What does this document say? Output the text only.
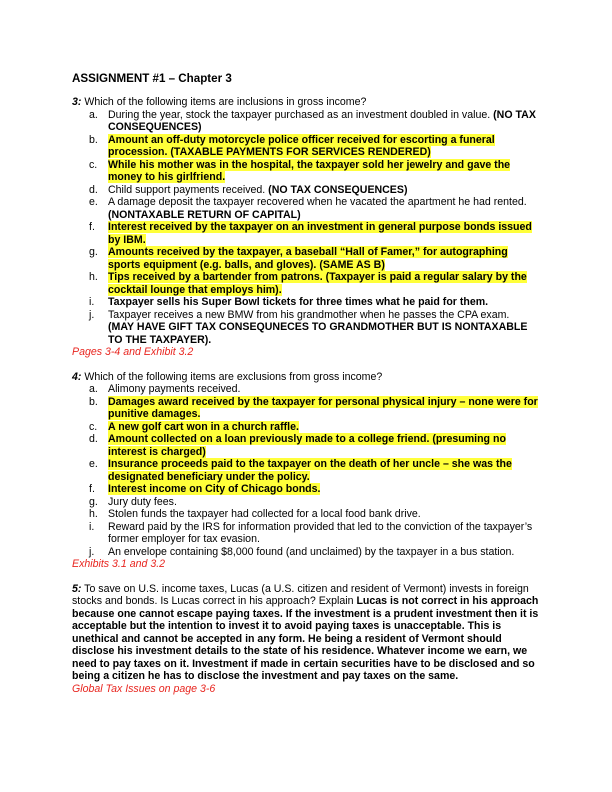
ASSIGNMENT #1 – Chapter 3
3: Which of the following items are inclusions in gross income?
a. During the year, stock the taxpayer purchased as an investment doubled in value. (NO TAX CONSEQUENCES)
b. Amount an off-duty motorcycle police officer received for escorting a funeral procession. (TAXABLE PAYMENTS FOR SERVICES RENDERED)
c. While his mother was in the hospital, the taxpayer sold her jewelry and gave the money to his girlfriend.
d. Child support payments received. (NO TAX CONSEQUENCES)
e. A damage deposit the taxpayer recovered when he vacated the apartment he had rented. (NONTAXABLE RETURN OF CAPITAL)
f. Interest received by the taxpayer on an investment in general purpose bonds issued by IBM.
g. Amounts received by the taxpayer, a baseball “Hall of Famer,” for autographing sports equipment (e.g. balls, and gloves). (SAME AS B)
h. Tips received by a bartender from patrons. (Taxpayer is paid a regular salary by the cocktail lounge that employs him).
i. Taxpayer sells his Super Bowl tickets for three times what he paid for them.
j. Taxpayer receives a new BMW from his grandmother when he passes the CPA exam.
(MAY HAVE GIFT TAX CONSEQUNECES TO GRANDMOTHER BUT IS NONTAXABLE TO THE TAXPAYER).
Pages 3-4 and Exhibit 3.2
4: Which of the following items are exclusions from gross income?
a. Alimony payments received.
b. Damages award received by the taxpayer for personal physical injury – none were for punitive damages.
c. A new golf cart won in a church raffle.
d. Amount collected on a loan previously made to a college friend. (presuming no interest is charged)
e. Insurance proceeds paid to the taxpayer on the death of her uncle – she was the designated beneficiary under the policy.
f. Interest income on City of Chicago bonds.
g. Jury duty fees.
h. Stolen funds the taxpayer had collected for a local food bank drive.
i. Reward paid by the IRS for information provided that led to the conviction of the taxpayer’s former employer for tax evasion.
j. An envelope containing $8,000 found (and unclaimed) by the taxpayer in a bus station.
Exhibits 3.1 and 3.2
5: To save on U.S. income taxes, Lucas (a U.S. citizen and resident of Vermont) invests in foreign stocks and bonds. Is Lucas correct in his approach? Explain Lucas is not correct in his approach because one cannot escape paying taxes. If the investment is a prudent investment then it is acceptable but the intention to invest it to avoid paying taxes is unacceptable. This is unethical and cannot be accepted in any form. He being a resident of Vermont should disclose his investment details to the state of his residence. Whatever income we earn, we need to pay taxes on it. Investment if made in certain securities have to be disclosed and so being a citizen he has to disclose the investment and pay taxes on the same.
Global Tax Issues on page 3-6
